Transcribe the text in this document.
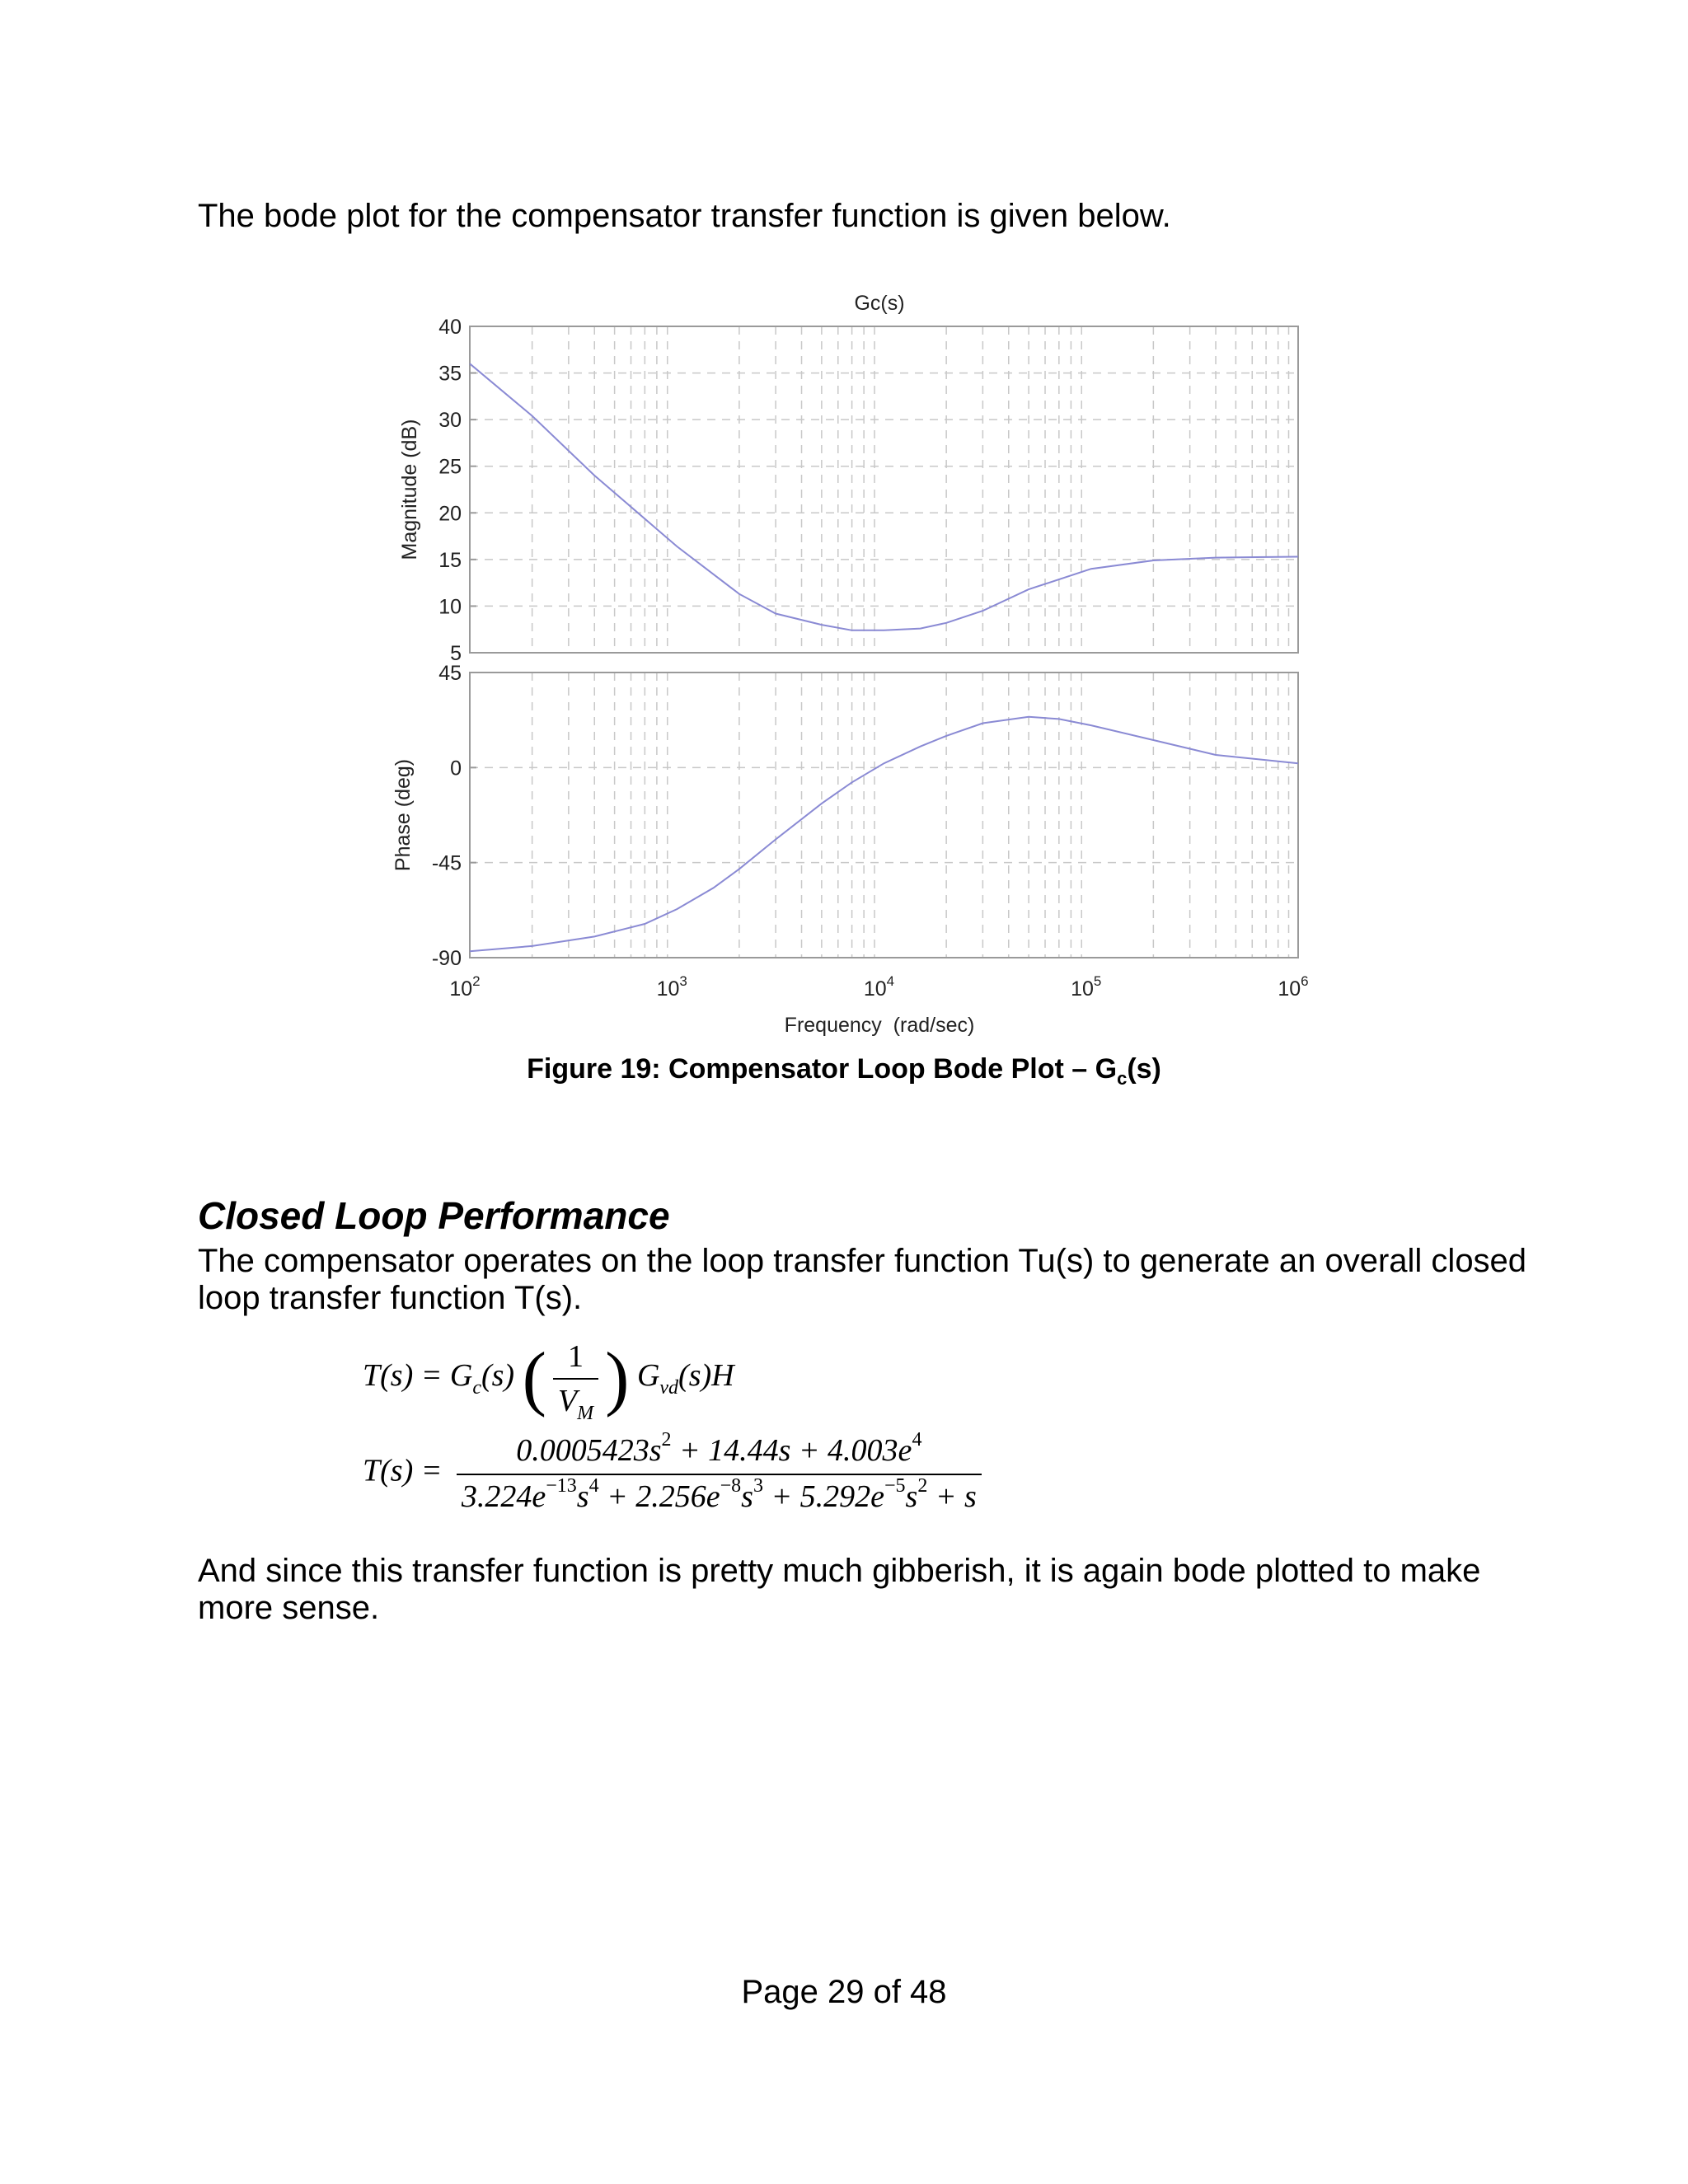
The bode plot for the compensator transfer function is given below.

5
10
15
20
25
30
35
40
-90
-45
0
45
$10^2$	$10^3$	$10^4$	$10^5$	$10^6$
Gc(s)
Magnitude (dB)
Phase (deg)
Frequency  (rad/sec)
Figure 19: Compensator Loop Bode Plot – $G_c(s)$
Closed Loop Performance

The compensator operates on the loop transfer function Tu(s) to generate an overall closed loop transfer function T(s).

$T(s) = G_c(s)$ ( $\frac{1}{V_M}$ ) $G_{vd}(s)H$
$T(s) = \frac{0.0005423s^2 + 14.44s + 4.003e^4}{3.224e^{-13}s^4 + 2.256e^{-8}s^3 + 5.292e^{-5}s^2 + s}$

And since this transfer function is pretty much gibberish, it is again bode plotted to make more sense.

Page 29 of 48
